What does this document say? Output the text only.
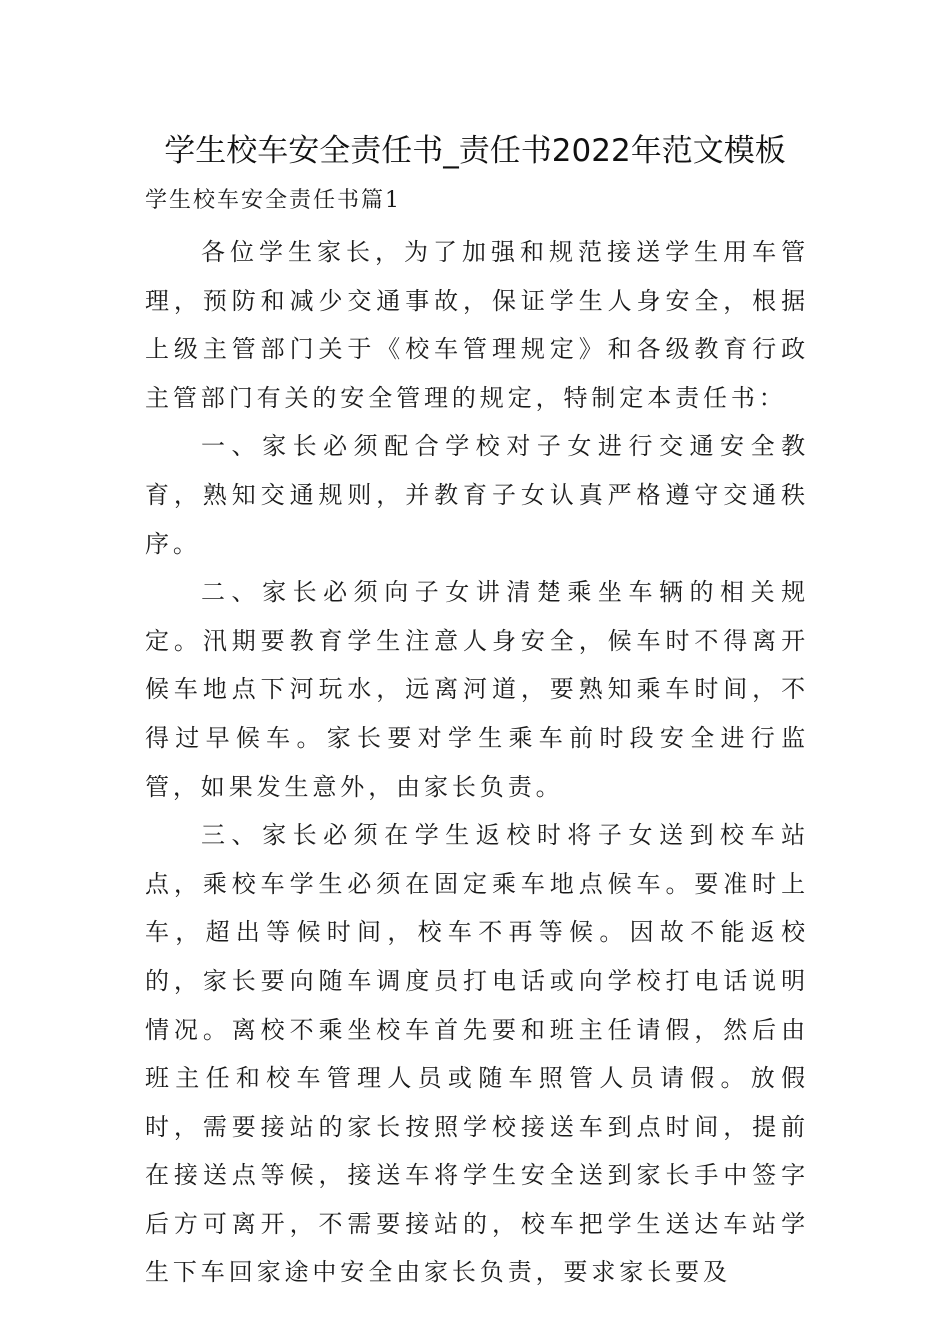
学生校车安全责任书_责任书2022年范文模板
学生校车安全责任书篇1

各位学生家长，为了加强和规范接送学生用车管理，预防和减少交通事故，保证学生人身安全，根据上级主管部门关于《校车管理规定》和各级教育行政主管部门有关的安全管理的规定，特制定本责任书：

一、家长必须配合学校对子女进行交通安全教育，熟知交通规则，并教育子女认真严格遵守交通秩序。

二、家长必须向子女讲清楚乘坐车辆的相关规定。汛期要教育学生注意人身安全，候车时不得离开候车地点下河玩水，远离河道，要熟知乘车时间，不得过早候车。家长要对学生乘车前时段安全进行监管，如果发生意外，由家长负责。

三、家长必须在学生返校时将子女送到校车站点，乘校车学生必须在固定乘车地点候车。要准时上车，超出等候时间，校车不再等候。因故不能返校的，家长要向随车调度员打电话或向学校打电话说明情况。离校不乘坐校车首先要和班主任请假，然后由班主任和校车管理人员或随车照管人员请假。放假时，需要接站的家长按照学校接送车到点时间，提前在接送点等候，接送车将学生安全送到家长手中签字后方可离开，不需要接站的，校车把学生送达车站学生下车回家途中安全由家长负责，要求家长要及
